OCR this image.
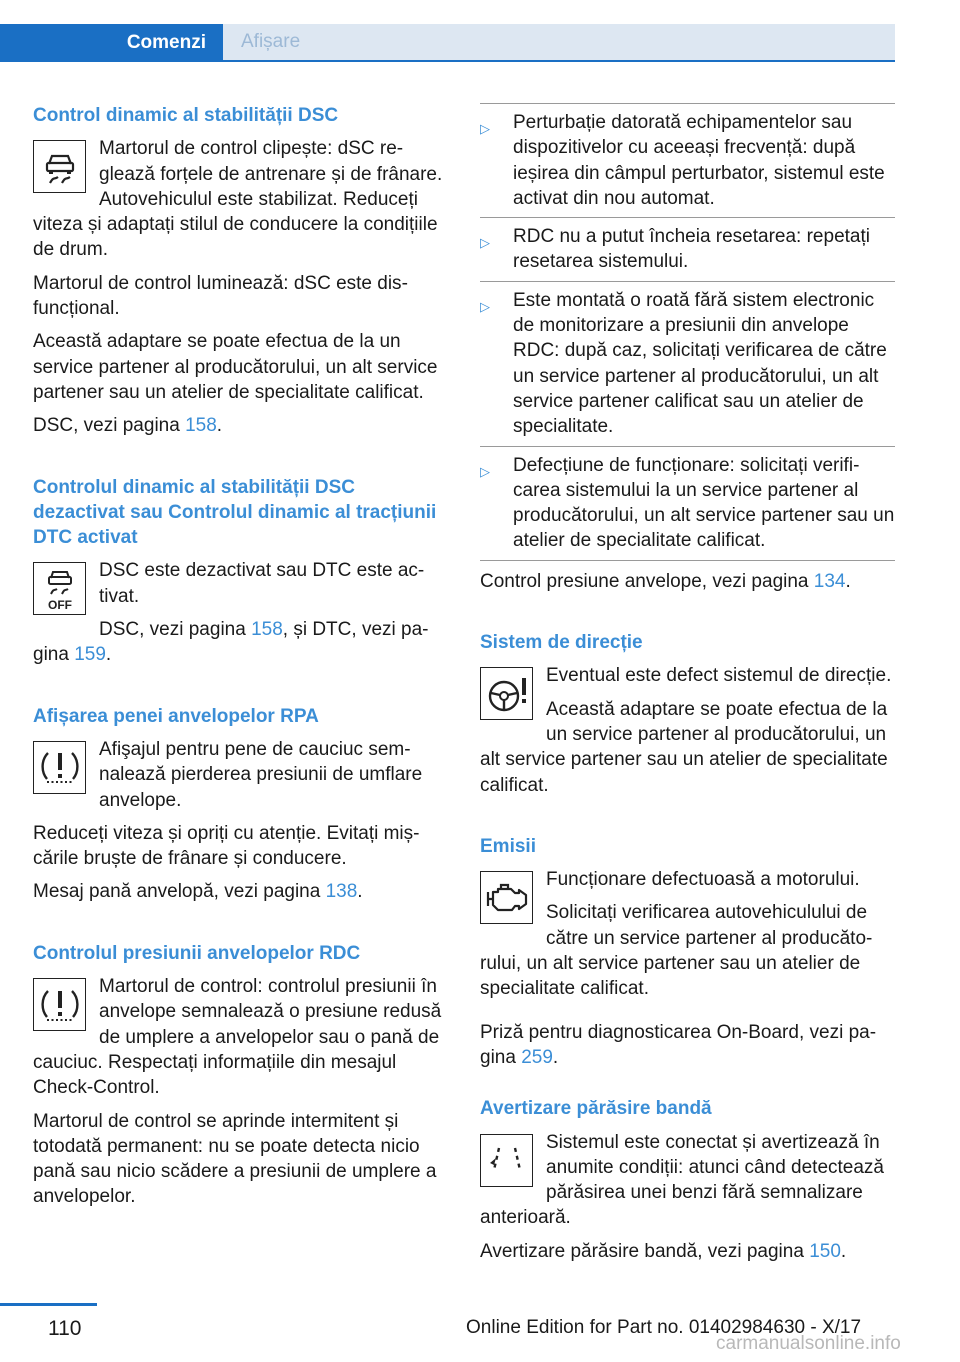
Comenzi	Afișare
Control dinamic al stabilității DSC
Martorul de control clipește: dSC reglează forțele de antrenare și de frânare. Autovehiculul este stabilizat. Reduceți viteza și adaptați stilul de conducere la condițiile de drum.
Martorul de control luminează: dSC este disfuncțional.
Această adaptare se poate efectua de la un service partener al producătorului, un alt service partener sau un atelier de specialitate calificat.
DSC, vezi pagina 158.
Controlul dinamic al stabilității DSC dezactivat sau Controlul dinamic al tracțiunii DTC activat
OFF
DSC este dezactivat sau DTC este activat.
DSC, vezi pagina 158, și DTC, vezi pagina 159.
Afișarea penei anvelopelor RPA
Afişajul pentru pene de cauciuc semnalează pierderea presiunii de umflare anvelope.
Reduceți viteza și opriți cu atenție. Evitați mișcările bruște de frânare și conducere.
Mesaj pană anvelopă, vezi pagina 138.
Controlul presiunii anvelopelor RDC
Martorul de control: controlul presiunii în anvelope semnalează o presiune redusă de umplere a anvelopelor sau o pană de cauciuc. Respectați informațiile din mesajul Check-Control.
Martorul de control se aprinde intermitent și totodată permanent: nu se poate detecta nicio pană sau nicio scădere a presiunii de umplere a anvelopelor.
▷ Perturbație datorată echipamentelor sau dispozitivelor cu aceeași frecvență: după ieșirea din câmpul perturbator, sistemul este activat din nou automat.
▷ RDC nu a putut încheia resetarea: repetați resetarea sistemului.
▷ Este montată o roată fără sistem electronic de monitorizare a presiunii din anvelope RDC: după caz, solicitați verificarea de către un service partener al producătorului, un alt service partener calificat sau un atelier de specialitate.
▷ Defecțiune de funcționare: solicitați verificarea sistemului la un service partener al producătorului, un alt service partener sau un atelier de specialitate calificat.
Control presiune anvelope, vezi pagina 134.
Sistem de direcție
Eventual este defect sistemul de direcție.
Această adaptare se poate efectua de la un service partener al producătorului, un alt service partener sau un atelier de specialitate calificat.
Emisii
Funcționare defectuoasă a motorului.
Solicitați verificarea autovehiculului de către un service partener al producătorului, un alt service partener sau un atelier de specialitate calificat.
Priză pentru diagnosticarea On-Board, vezi pagina 259.
Avertizare părăsire bandă
Sistemul este conectat și avertizează în anumite condiții: atunci când detectează părăsirea unei benzi fără semnalizare anterioară.
Avertizare părăsire bandă, vezi pagina 150.
110	Online Edition for Part no. 01402984630 - X/17
carmanualsonline.info
